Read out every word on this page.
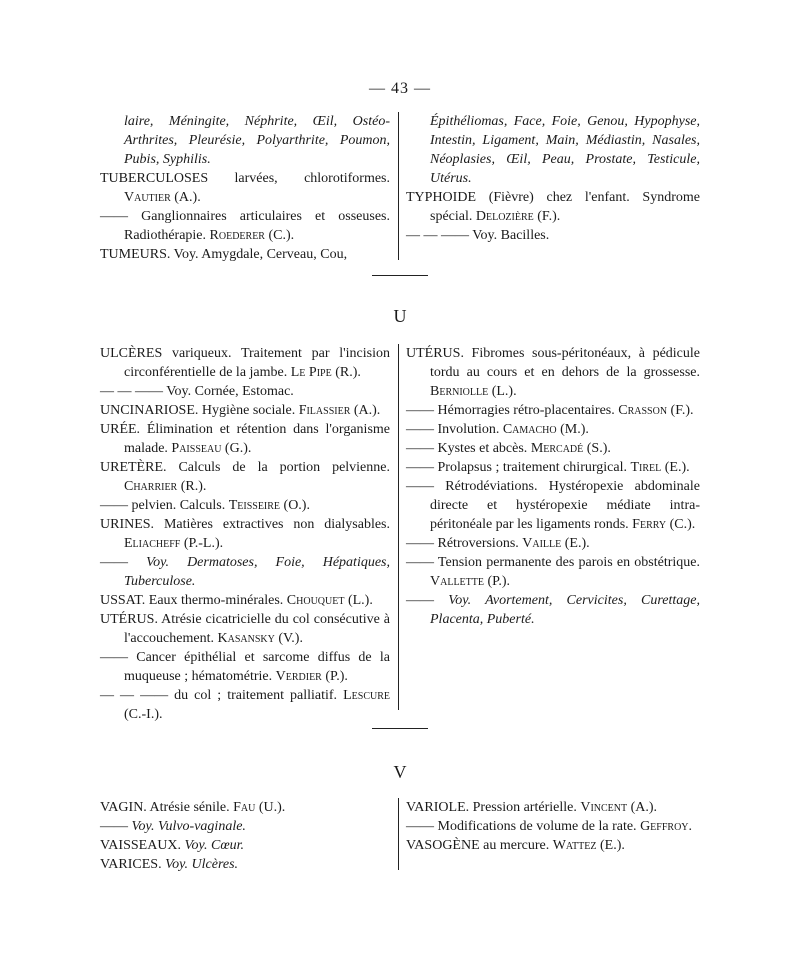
— 43 —

laire, Méningite, Néphrite, Œil, Ostéo-Arthrites, Pleurésie, Polyarthrite, Poumon, Pubis, Syphilis.

TUBERCULOSES larvées, chlorotiformes. Vautier (A.).

—— Ganglionnaires articulaires et osseuses. Radiothérapie. Roederer (C.).

TUMEURS. Voy. Amygdale, Cerveau, Cou,

Épithéliomas, Face, Foie, Genou, Hypophyse, Intestin, Ligament, Main, Médiastin, Nasales, Néoplasies, Œil, Peau, Prostate, Testicule, Utérus.

TYPHOIDE (Fièvre) chez l'enfant. Syndrome spécial. Delozière (F.).

— — —— Voy. Bacilles.

U

ULCÈRES variqueux. Traitement par l'incision circonférentielle de la jambe. Le Pipe (R.).

— — —— Voy. Cornée, Estomac.

UNCINARIOSE. Hygiène sociale. Filassier (A.).

URÉE. Élimination et rétention dans l'organisme malade. Paisseau (G.).

URETÈRE. Calculs de la portion pelvienne. Charrier (R.).

—— pelvien. Calculs. Teisseire (O.).

URINES. Matières extractives non dialysables. Eliacheff (P.-L.).

—— Voy. Dermatoses, Foie, Hépatiques, Tuberculose.

USSAT. Eaux thermo-minérales. Chouquet (L.).

UTÉRUS. Atrésie cicatricielle du col consécutive à l'accouchement. Kasansky (V.).

—— Cancer épithélial et sarcome diffus de la muqueuse ; hématométrie. Verdier (P.).

— — —— du col ; traitement palliatif. Lescure (C.-I.).

UTÉRUS. Fibromes sous-péritonéaux, à pédicule tordu au cours et en dehors de la grossesse. Berniolle (L.).

—— Hémorragies rétro-placentaires. Crasson (F.).

—— Involution. Camacho (M.).

—— Kystes et abcès. Mercadé (S.).

—— Prolapsus ; traitement chirurgical. Tirel (E.).

—— Rétrodéviations. Hystéropexie abdominale directe et hystéropexie médiate intra-péritonéale par les ligaments ronds. Ferry (C.).

—— Rétroversions. Vaille (E.).

—— Tension permanente des parois en obstétrique. Vallette (P.).

—— Voy. Avortement, Cervicites, Curettage, Placenta, Puberté.

V

VAGIN. Atrésie sénile. Fau (U.).

—— Voy. Vulvo-vaginale.

VAISSEAUX. Voy. Cœur.

VARICES. Voy. Ulcères.

VARIOLE. Pression artérielle. Vincent (A.).

—— Modifications de volume de la rate. Geffroy.

VASOGÈNE au mercure. Wattez (E.).
